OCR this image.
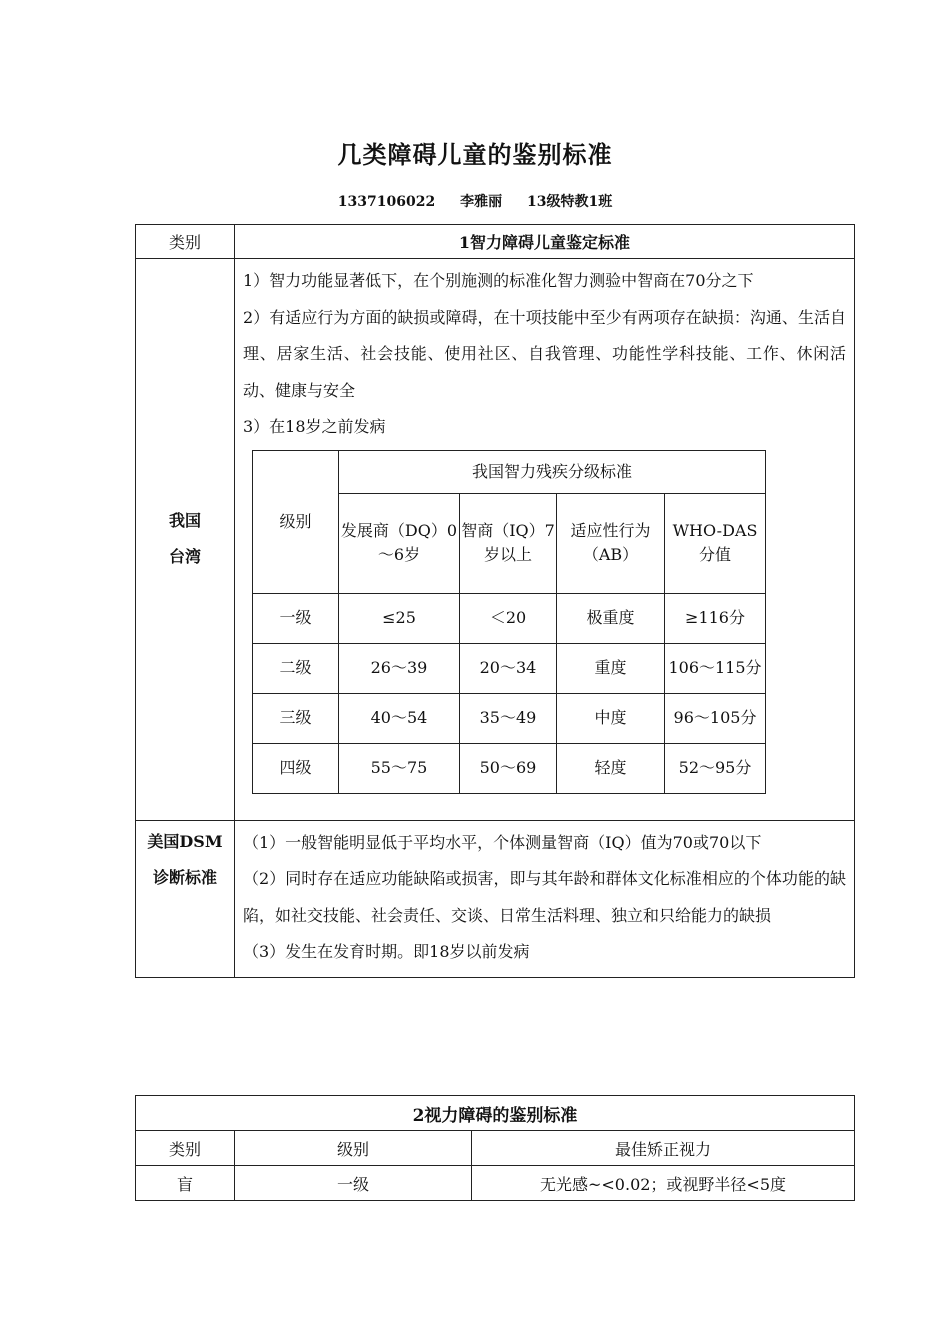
几类障碍儿童的鉴别标准
1337106022 李雅丽 13级特教1班
类别	1智力障碍儿童鉴定标准

我国
台湾

1）智力功能显著低下，在个别施测的标准化智力测验中智商在70分之下

2）有适应行为方面的缺损或障碍，在十项技能中至少有两项存在缺损：沟通、生活自理、居家生活、社会技能、使用社区、自我管理、功能性学科技能、工作、休闲活动、健康与安全

3）在18岁之前发病

级别	我国智力残疾分级标准
发展商（DQ）0～6岁	智商（IQ）7岁以上	适应性行为（AB）	WHO-DAS分值
一级	≤25	＜20	极重度	≥116分
二级	26～39	20～34	重度	106～115分
三级	40～54	35～49	中度	96～105分
四级	55～75	50～69	轻度	52～95分

美国DSM
诊断标准

（1）一般智能明显低于平均水平，个体测量智商（IQ）值为70或70以下

（2）同时存在适应功能缺陷或损害，即与其年龄和群体文化标准相应的个体功能的缺陷，如社交技能、社会责任、交谈、日常生活料理、独立和只给能力的缺损

（3）发生在发育时期。即18岁以前发病

2视力障碍的鉴别标准		
类别	级别	最佳矫正视力
盲	一级	无光感~<0.02；或视野半径<5度
